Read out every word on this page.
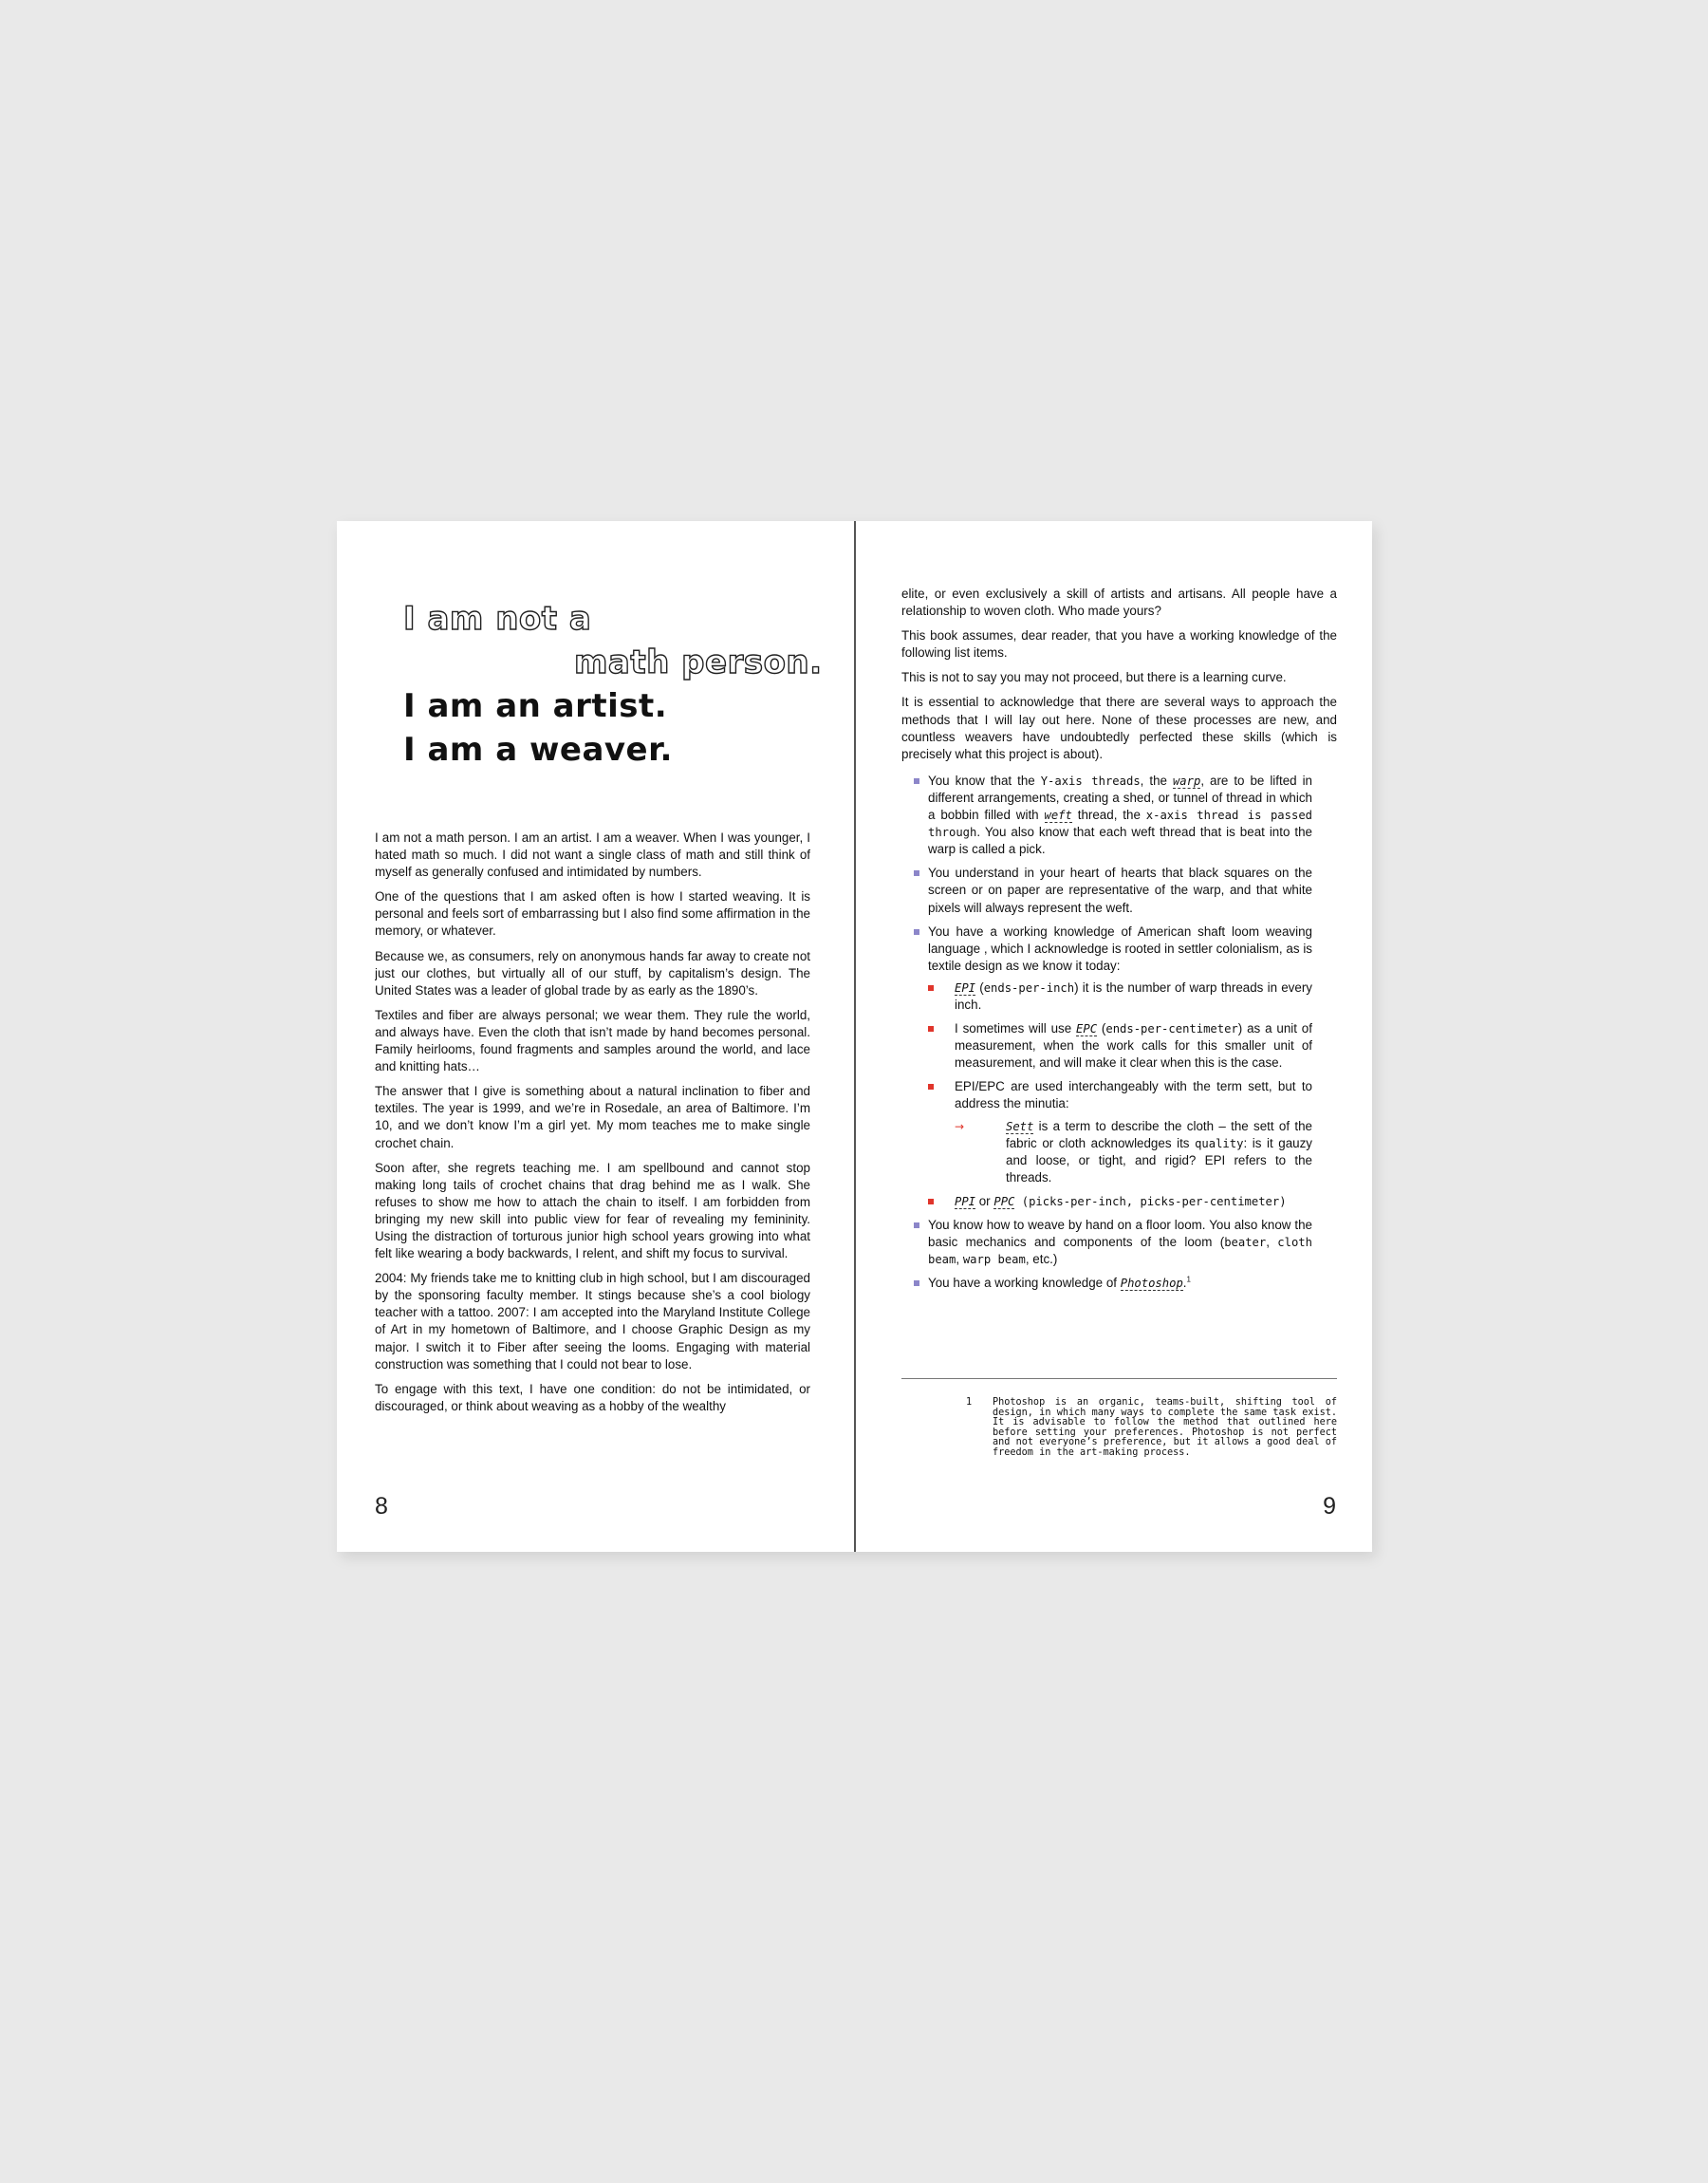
I am not a
math person.
I am an artist.
I am a weaver.

I am not a math person. I am an artist. I am a weaver. When I was younger, I hated math so much. I did not want a single class of math and still think of myself as generally confused and intimidated by numbers.

One of the questions that I am asked often is how I started weaving. It is personal and feels sort of embarrassing but I also find some affirmation in the memory, or whatever.

Because we, as consumers, rely on anonymous hands far away to create not just our clothes, but virtually all of our stuff, by capitalism’s design. The United States was a leader of global trade by as early as the 1890’s.

Textiles and fiber are always personal; we wear them. They rule the world, and always have. Even the cloth that isn’t made by hand becomes personal. Family heirlooms, found fragments and samples around the world, and lace and knitting hats…

The answer that I give is something about a natural inclination to fiber and textiles. The year is 1999, and we’re in Rosedale, an area of Baltimore. I’m 10, and we don’t know I’m a girl yet. My mom teaches me to make single crochet chain.

Soon after, she regrets teaching me. I am spellbound and cannot stop making long tails of crochet chains that drag behind me as I walk. She refuses to show me how to attach the chain to itself. I am forbidden from bringing my new skill into public view for fear of revealing my femininity. Using the distraction of torturous junior high school years growing into what felt like wearing a body backwards, I relent, and shift my focus to survival.

2004: My friends take me to knitting club in high school, but I am discouraged by the sponsoring faculty member. It stings because she’s a cool biology teacher with a tattoo. 2007: I am accepted into the Maryland Institute College of Art in my hometown of Baltimore, and I choose Graphic Design as my major. I switch it to Fiber after seeing the looms. Engaging with material construction was something that I could not bear to lose.

To engage with this text, I have one condition: do not be intimidated, or discouraged, or think about weaving as a hobby of the wealthy

8

elite, or even exclusively a skill of artists and artisans. All people have a relationship to woven cloth. Who made yours?

This book assumes, dear reader, that you have a working knowledge of the following list items.

This is not to say you may not proceed, but there is a learning curve.

It is essential to acknowledge that there are several ways to approach the methods that I will lay out here. None of these processes are new, and countless weavers have undoubtedly perfected these skills (which is precisely what this project is about).

You know that the Y-axis threads, the warp, are to be lifted in different arrangements, creating a shed, or tunnel of thread in which a bobbin filled with weft thread, the x-axis thread is passed through. You also know that each weft thread that is beat into the warp is called a pick.
You understand in your heart of hearts that black squares on the screen or on paper are representative of the warp, and that white pixels will always represent the weft.
You have a working knowledge of American shaft loom weaving language , which I acknowledge is rooted in settler colonialism, as is textile design as we know it today:
EPI (ends-per-inch) it is the number of warp threads in every inch.
I sometimes will use EPC (ends-per-centimeter) as a unit of measurement, when the work calls for this smaller unit of measurement, and will make it clear when this is the case.
EPI/EPC are used interchangeably with the term sett, but to address the minutia:
→	Sett is a term to describe the cloth – the sett of the fabric or cloth acknowledges its quality: is it gauzy and loose, or tight, and rigid? EPI refers to the threads.
PPI or PPC (picks-per-inch, picks-per-centimeter)
You know how to weave by hand on a floor loom. You also know the basic mechanics and components of the loom (beater, cloth beam, warp beam, etc.)
You have a working knowledge of Photoshop.$^1$
1 Photoshop is an organic, teams-built, shifting tool of design, in which many ways to complete the same task exist. It is advisable to follow the method that outlined here before setting your preferences. Photoshop is not perfect and not everyone’s preference, but it allows a good deal of freedom in the art-making process.
9
